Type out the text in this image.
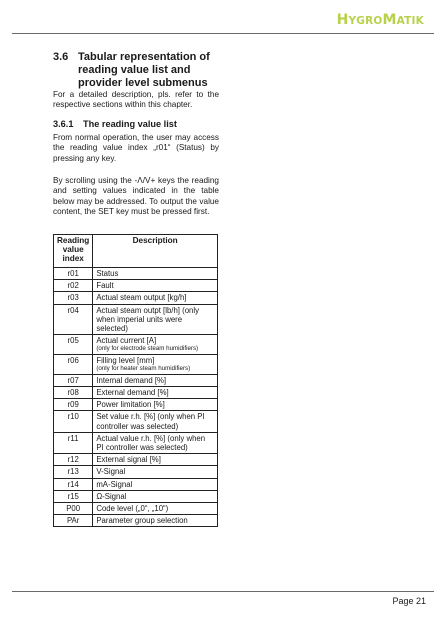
HYGROMATIK
3.6 Tabular representation of reading value list and provider level submenus
For a detailed description, pls. refer to the respective sections within this chapter.
3.6.1 The reading value list
From normal operation, the user may access the reading value index „r01“ (Status) by pressing any key.
By scrolling using the -Λ/V+ keys the reading and setting values indicated in the table below may be addressed. To output the value content, the SET key must be pressed first.
Reading value index	Description
r01	Status

r02	Fault

r03	Actual steam output [kg/h]

r04	Actual steam outpt [lb/h] (only when imperial units were selected)

r05	Actual current [A]
(only for electrode steam humidifiers)

r06	Filling level [mm]
(only for heater steam humidifiers)

r07	Internal demand [%]

r08	External demand [%]

r09	Power limitation [%]

r10	Set value r.h. [%] (only when PI controller was selected)

r11	Actual value r.h. [%] (only when PI controller was selected)

r12	External signal [%]

r13	V-Signal

r14	mA-Signal

r15	Ω-Signal

P00	Code level („0“, „10“)

PAr	Parameter group selection
Page 21
